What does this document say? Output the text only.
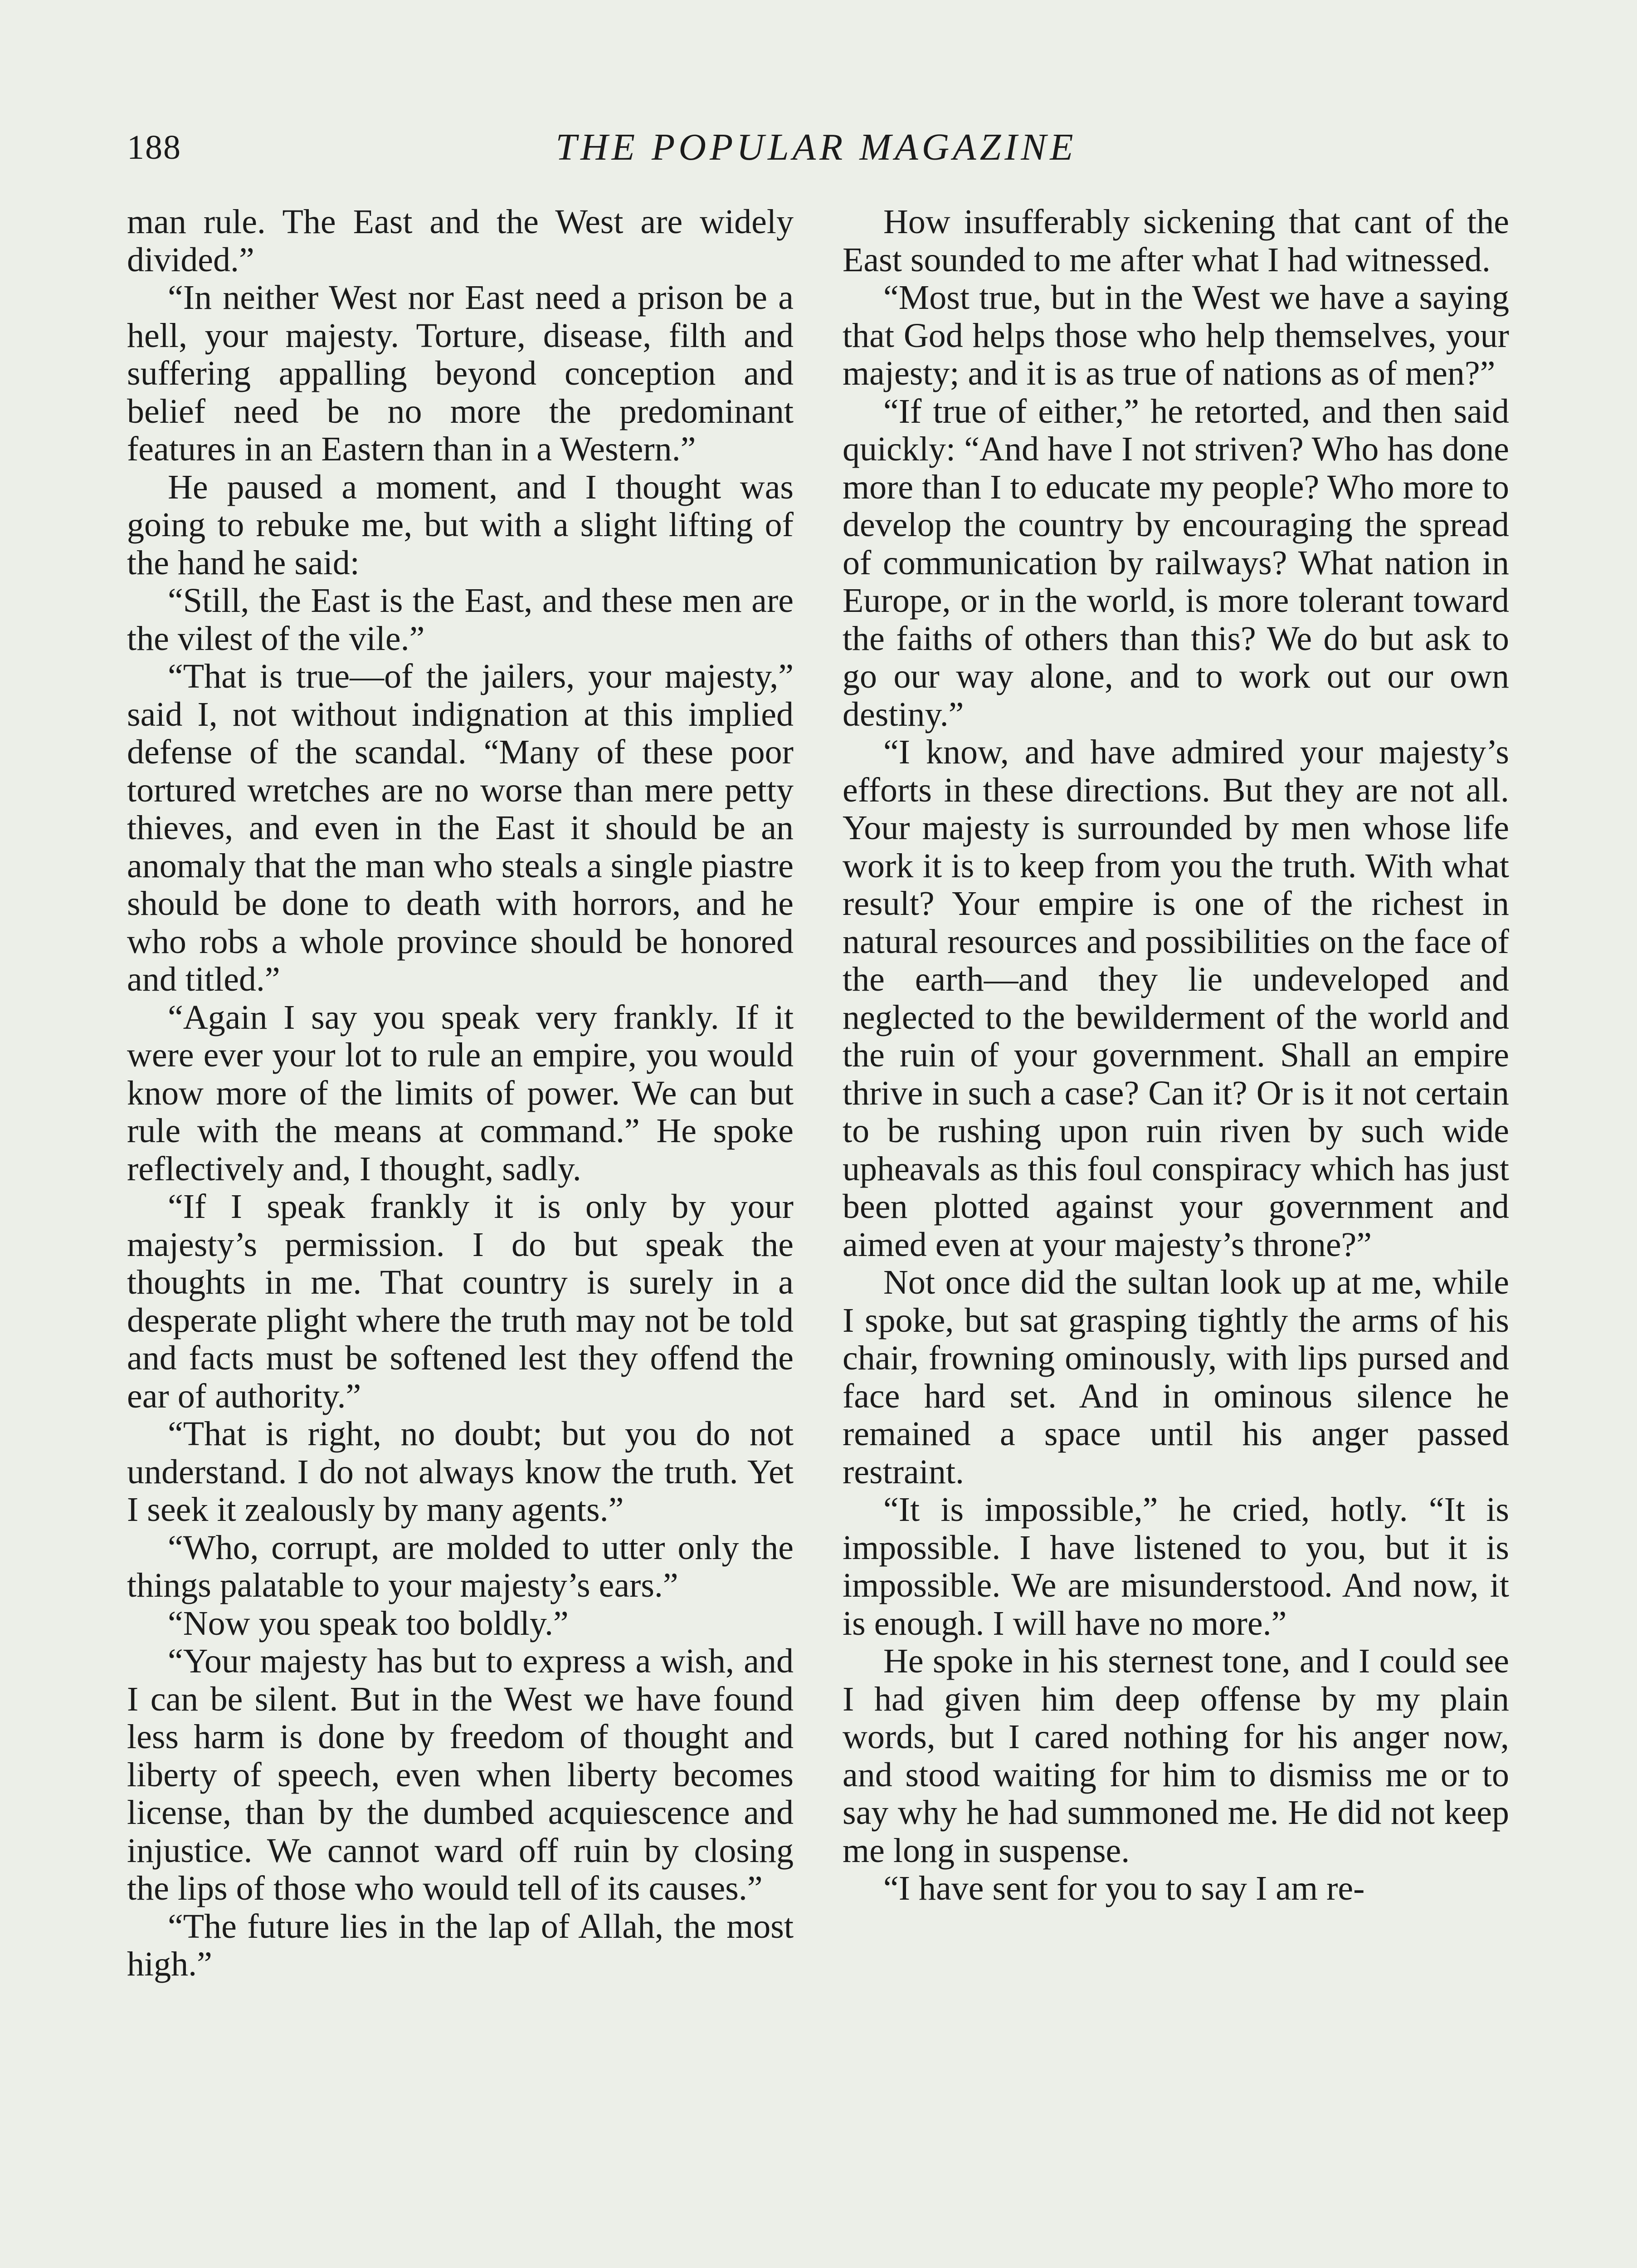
188	THE POPULAR MAGAZINE

man rule. The East and the West are widely divided.”

“In neither West nor East need a prison be a hell, your majesty. Torture, disease, filth and suffering appalling beyond conception and belief need be no more the predominant features in an Eastern than in a Western.”

He paused a moment, and I thought was going to rebuke me, but with a slight lifting of the hand he said:

“Still, the East is the East, and these men are the vilest of the vile.”

“That is true—of the jailers, your majesty,” said I, not without indignation at this implied defense of the scandal. “Many of these poor tortured wretches are no worse than mere petty thieves, and even in the East it should be an anomaly that the man who steals a single piastre should be done to death with horrors, and he who robs a whole province should be honored and titled.”

“Again I say you speak very frankly. If it were ever your lot to rule an empire, you would know more of the limits of power. We can but rule with the means at command.” He spoke reflectively and, I thought, sadly.

“If I speak frankly it is only by your majesty’s permission. I do but speak the thoughts in me. That country is surely in a desperate plight where the truth may not be told and facts must be softened lest they offend the ear of authority.”

“That is right, no doubt; but you do not understand. I do not always know the truth. Yet I seek it zealously by many agents.”

“Who, corrupt, are molded to utter only the things palatable to your majesty’s ears.”

“Now you speak too boldly.”

“Your majesty has but to express a wish, and I can be silent. But in the West we have found less harm is done by freedom of thought and liberty of speech, even when liberty becomes license, than by the dumbed acquiescence and injustice. We cannot ward off ruin by closing the lips of those who would tell of its causes.”

“The future lies in the lap of Allah, the most high.”

How insufferably sickening that cant of the East sounded to me after what I had witnessed.

“Most true, but in the West we have a saying that God helps those who help themselves, your majesty; and it is as true of nations as of men?”

“If true of either,” he retorted, and then said quickly: “And have I not striven? Who has done more than I to educate my people? Who more to develop the country by encouraging the spread of communication by railways? What nation in Europe, or in the world, is more tolerant toward the faiths of others than this? We do but ask to go our way alone, and to work out our own destiny.”

“I know, and have admired your majesty’s efforts in these directions. But they are not all. Your majesty is surrounded by men whose life work it is to keep from you the truth. With what result? Your empire is one of the richest in natural resources and possibilities on the face of the earth—and they lie undeveloped and neglected to the bewilderment of the world and the ruin of your government. Shall an empire thrive in such a case? Can it? Or is it not certain to be rushing upon ruin riven by such wide upheavals as this foul conspiracy which has just been plotted against your government and aimed even at your majesty’s throne?”

Not once did the sultan look up at me, while I spoke, but sat grasping tightly the arms of his chair, frowning ominously, with lips pursed and face hard set. And in ominous silence he remained a space until his anger passed restraint.

“It is impossible,” he cried, hotly. “It is impossible. I have listened to you, but it is impossible. We are misunderstood. And now, it is enough. I will have no more.”

He spoke in his sternest tone, and I could see I had given him deep offense by my plain words, but I cared nothing for his anger now, and stood waiting for him to dismiss me or to say why he had summoned me. He did not keep me long in suspense.

“I have sent for you to say I am re-
